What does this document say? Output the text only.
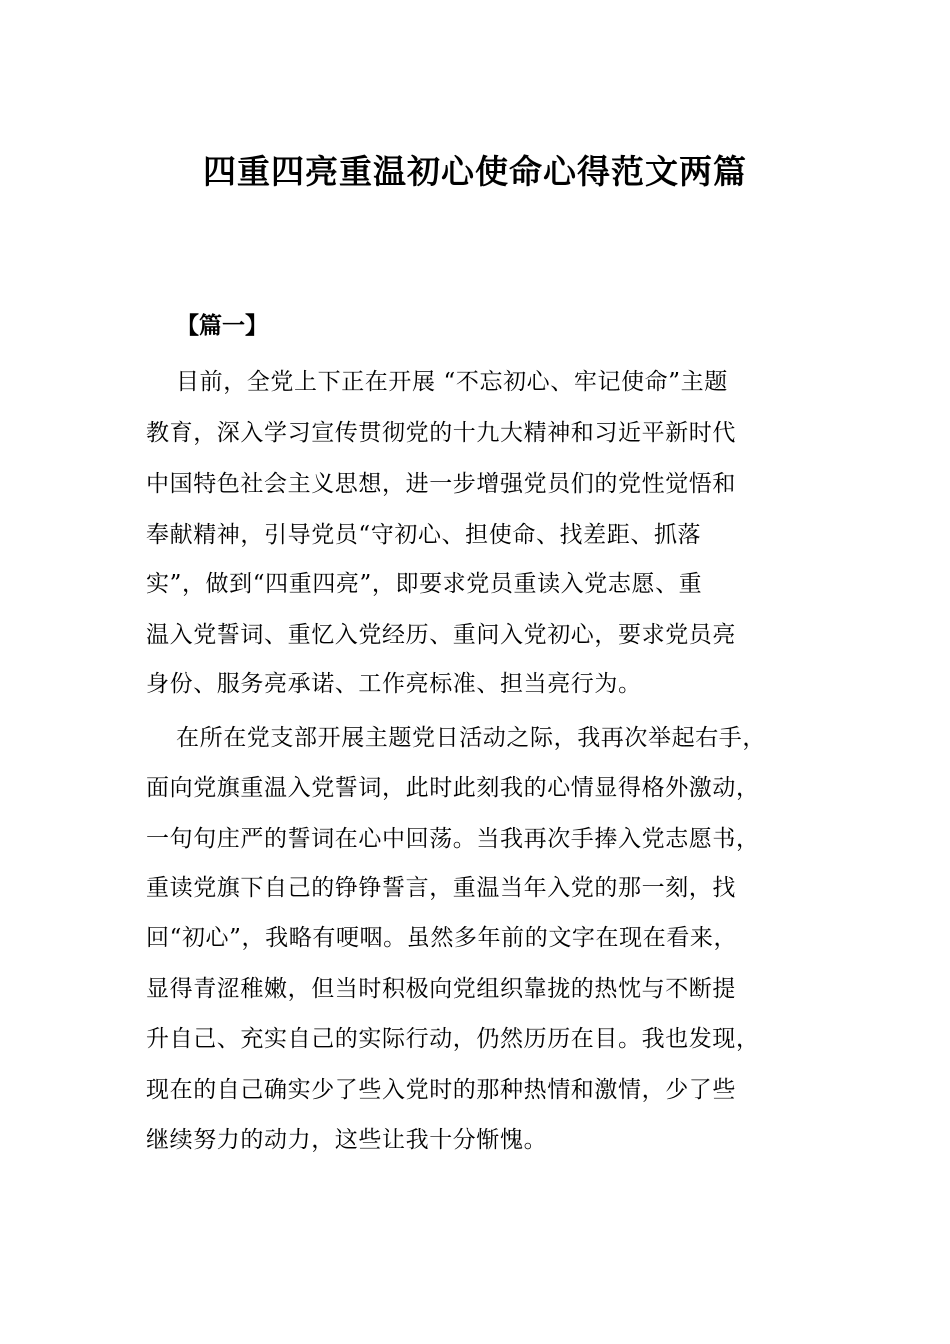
四重四亮重温初心使命心得范文两篇
【篇一】
目前，全党上下正在开展 “不忘初心、牢记使命”主题
教育，深入学习宣传贯彻党的十九大精神和习近平新时代
中国特色社会主义思想，进一步增强党员们的党性觉悟和
奉献精神，引导党员“守初心、担使命、找差距、抓落
实”，做到“四重四亮”，即要求党员重读入党志愿、重
温入党誓词、重忆入党经历、重问入党初心，要求党员亮
身份、服务亮承诺、工作亮标准、担当亮行为。
在所在党支部开展主题党日活动之际，我再次举起右手，
面向党旗重温入党誓词，此时此刻我的心情显得格外激动，
一句句庄严的誓词在心中回荡。当我再次手捧入党志愿书，
重读党旗下自己的铮铮誓言，重温当年入党的那一刻，找
回“初心”，我略有哽咽。虽然多年前的文字在现在看来，
显得青涩稚嫩，但当时积极向党组织靠拢的热忱与不断提
升自己、充实自己的实际行动，仍然历历在目。我也发现，
现在的自己确实少了些入党时的那种热情和激情，少了些
继续努力的动力，这些让我十分惭愧。
